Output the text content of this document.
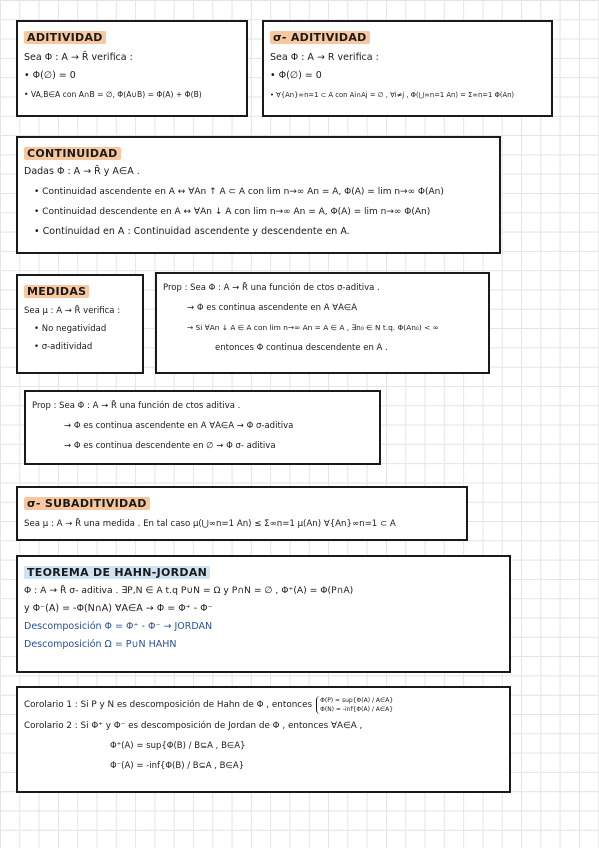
ADITIVIDAD
Sea Φ : A → R̄ verifica :
• Φ(∅) = 0
• VA,B∈A con A∩B = ∅, Φ(A∪B) = Φ(A) + Φ(B)
σ- ADITIVIDAD
Sea Φ : A → R verifica :
• Φ(∅) = 0
• ∀{An}∞n=1 ⊂ A con Ai∩Aj = ∅ , ∀i≠j , Φ(⋃∞n=1 An) = Σ∞n=1 Φ(An)
CONTINUIDAD
Dadas Φ : A → R̄ y A∈A .
• Continuidad ascendente en A ↔ ∀An ↑ A ⊂ A con lim n→∞ An = A, Φ(A) = lim n→∞ Φ(An)
• Continuidad descendente en A ↔ ∀An ↓ A con lim n→∞ An = A, Φ(A) = lim n→∞ Φ(An)
• Continuidad en A : Continuidad ascendente y descendente en A.
MEDIDAS
Sea μ : A → R̄ verifica :
• No negatividad
• σ-aditividad
Prop : Sea Φ : A → R̄ una función de ctos σ-aditiva .
→ Φ es continua ascendente en A ∀A∈A
→ Si ∀An ↓ A ∈ A con lim n→∞ An = A ∈ A , ∃n₀ ∈ N t.q. Φ(An₀) < ∞
entonces Φ continua descendente en A .
Prop : Sea Φ : A → R̄ una función de ctos aditiva .
→ Φ es continua ascendente en A ∀A∈A → Φ σ-aditiva
→ Φ es continua descendente en ∅ → Φ σ- aditiva
σ- SUBADITIVIDAD
Sea μ : A → R̄ una medida . En tal caso μ(⋃∞n=1 An) ≤ Σ∞n=1 μ(An) ∀{An}∞n=1 ⊂ A
TEOREMA DE HAHN-JORDAN
Φ : A → R̄ σ- aditiva . ∃P,N ∈ A t.q P∪N = Ω y P∩N = ∅ , Φ⁺(A) = Φ(P∩A)
y Φ⁻(A) = -Φ(N∩A) ∀A∈A → Φ = Φ⁺ - Φ⁻
Descomposición Φ = Φ⁺ - Φ⁻ → JORDAN
Descomposición Ω = P∪N HAHN
Corolario 1 : Si P y N es descomposición de Hahn de Φ , entonces Φ(P) = sup{Φ(A) / A∈A}
Φ(N) = -inf{Φ(A) / A∈A}
Corolario 2 : Si Φ⁺ y Φ⁻ es descomposición de Jordan de Φ , entonces ∀A∈A ,
Φ⁺(A) = sup{Φ(B) / B⊆A , B∈A}
Φ⁻(A) = -inf{Φ(B) / B⊆A , B∈A}
